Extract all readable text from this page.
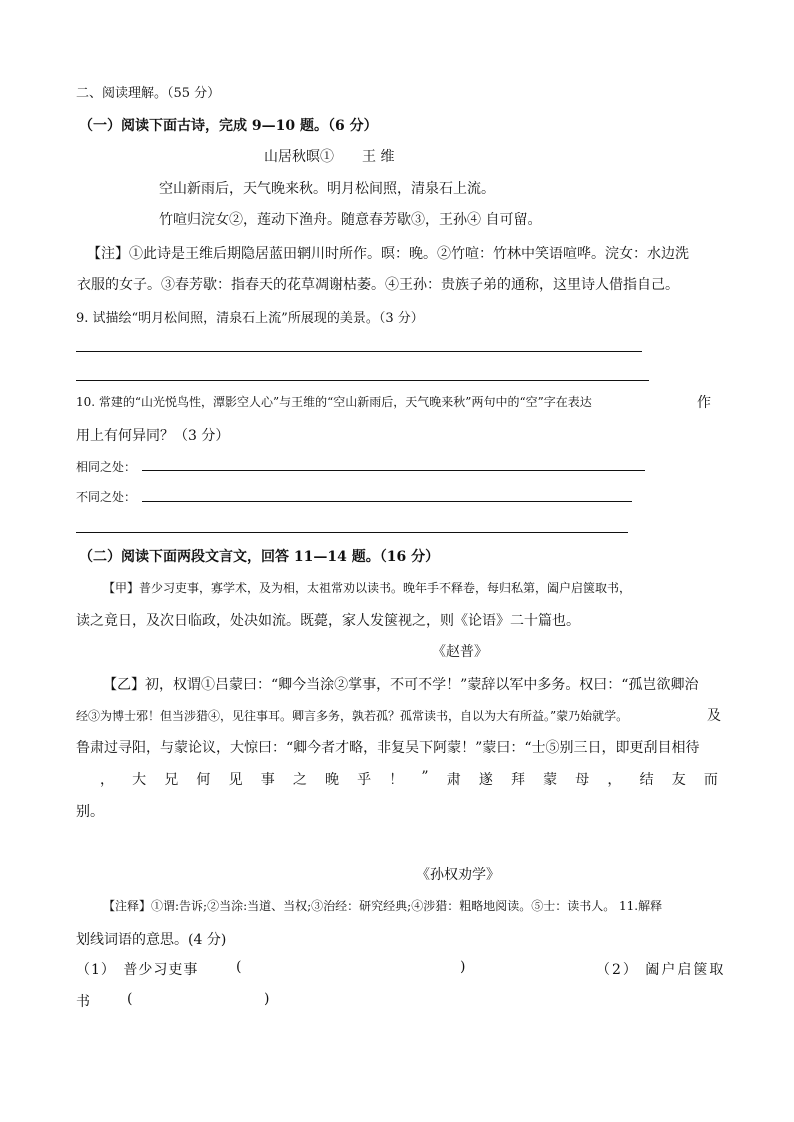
二、阅读理解。（55 分）
（一）阅读下面古诗，完成 9—10 题。（6 分）
山居秋暝① 王 维
空山新雨后，天气晚来秋。明月松间照，清泉石上流。
竹喧归浣女②，莲动下渔舟。随意春芳歇③，王孙④ 自可留。
【注】①此诗是王维后期隐居蓝田辋川时所作。暝：晚。②竹喧：竹林中笑语喧哗。浣女：水边洗
衣服的女子。③春芳歇：指春天的花草凋谢枯萎。④王孙：贵族子弟的通称，这里诗人借指自己。
9. 试描绘“明月松间照，清泉石上流”所展现的美景。（3 分）
10. 常建的“山光悦鸟性，潭影空人心”与王维的“空山新雨后，天气晚来秋”两句中的“空”字在表达	作
用上有何异同？（3 分）
相同之处：
不同之处：
（二）阅读下面两段文言文，回答 11—14 题。（16 分）
【甲】普少习吏事，寡学术，及为相，太祖常劝以读书。晚年手不释卷，每归私第，阖户启箧取书，
读之竟日，及次日临政，处决如流。既薨，家人发箧视之，则《论语》二十篇也。
《赵普》
【乙】初，权谓①吕蒙曰：“卿今当涂②掌事，不可不学！”蒙辞以军中多务。权曰：“孤岂欲卿治
经③为博士邪！但当涉猎④，见往事耳。卿言多务，孰若孤？孤常读书，自以为大有所益。”蒙乃始就学。	及
鲁肃过寻阳，与蒙论议，大惊曰：“卿今者才略，非复吴下阿蒙！”蒙曰：“士⑤别三日，即更刮目相待
， 大 兄 何 见 事 之 晚 乎 ！ ” 肃 遂 拜 蒙 母 ， 结 友 而
别。
《孙权劝学》
【注释】①谓:告诉;②当涂:当道、当权;③治经：研究经典;④涉猎：粗略地阅读。⑤士：读书人。 11.解释
划线词语的意思。(4 分)
（1） 普少习吏事	(	)	（2） 阖户启箧取
书	(	)
